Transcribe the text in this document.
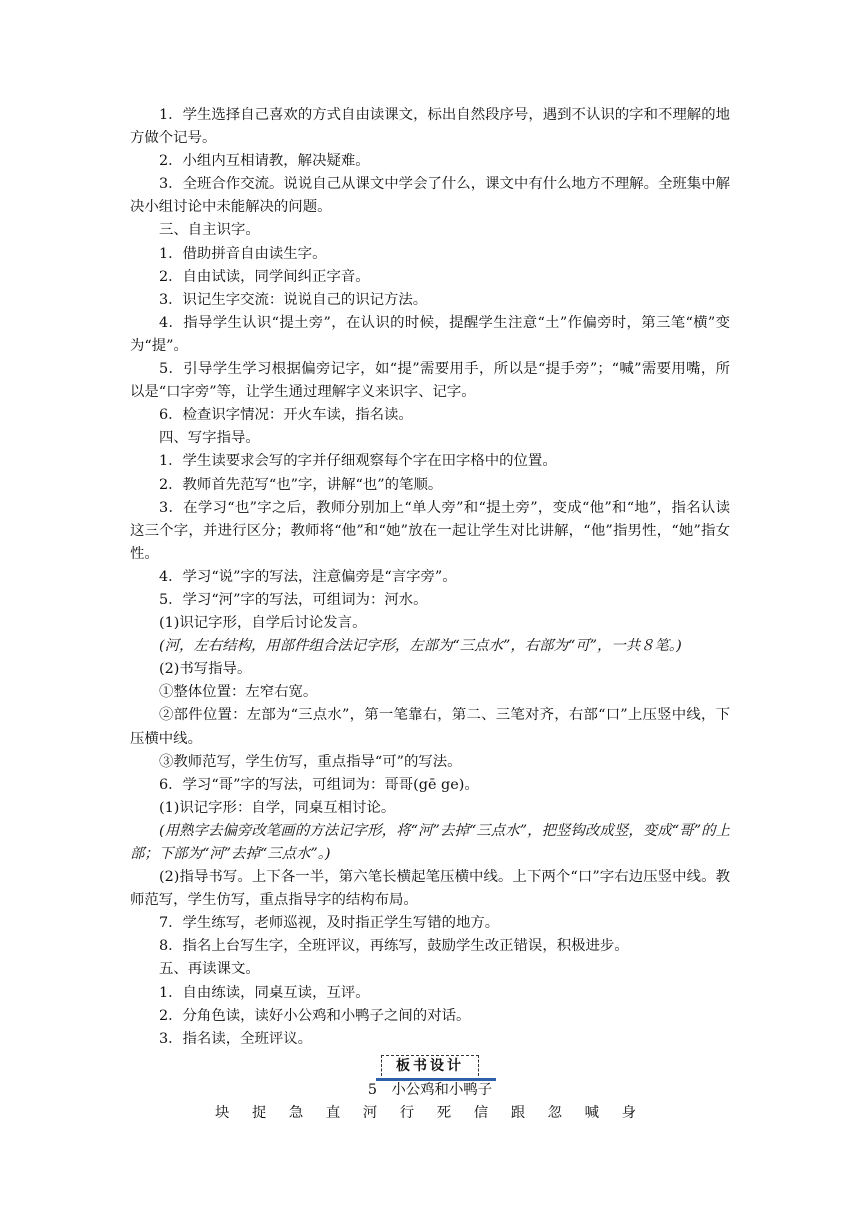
1．学生选择自己喜欢的方式自由读课文，标出自然段序号，遇到不认识的字和不理解的地方做个记号。

2．小组内互相请教，解决疑难。

3．全班合作交流。说说自己从课文中学会了什么，课文中有什么地方不理解。全班集中解决小组讨论中未能解决的问题。

三、自主识字。

1．借助拼音自由读生字。

2．自由试读，同学间纠正字音。

3．识记生字交流：说说自己的识记方法。

4．指导学生认识“提土旁”，在认识的时候，提醒学生注意“土”作偏旁时，第三笔“横”变为“提”。

5．引导学生学习根据偏旁记字，如“提”需要用手，所以是“提手旁”；“喊”需要用嘴，所以是“口字旁”等，让学生通过理解字义来识字、记字。

6．检查识字情况：开火车读，指名读。

四、写字指导。

1．学生读要求会写的字并仔细观察每个字在田字格中的位置。

2．教师首先范写“也”字，讲解“也”的笔顺。

3．在学习“也”字之后，教师分别加上“单人旁”和“提土旁”，变成“他”和“地”，指名认读这三个字，并进行区分；教师将“他”和“她”放在一起让学生对比讲解，“他”指男性，“她”指女性。

4．学习“说”字的写法，注意偏旁是“言字旁”。

5．学习“河”字的写法，可组词为：河水。

(1)识记字形，自学后讨论发言。

(河，左右结构，用部件组合法记字形，左部为“三点水”，右部为“可”，一共８笔。)

(2)书写指导。

①整体位置：左窄右宽。

②部件位置：左部为“三点水”，第一笔靠右，第二、三笔对齐，右部“口”上压竖中线，下压横中线。

③教师范写，学生仿写，重点指导“可”的写法。

6．学习“哥”字的写法，可组词为：哥哥(gē ge)。

(1)识记字形：自学，同桌互相讨论。

(用熟字去偏旁改笔画的方法记字形，将“河”去掉“三点水”，把竖钩改成竖，变成“哥”的上部；下部为“河”去掉“三点水”。)

(2)指导书写。上下各一半，第六笔长横起笔压横中线。上下两个“口”字右边压竖中线。教师范写，学生仿写，重点指导字的结构布局。

7．学生练写，老师巡视，及时指正学生写错的地方。

8．指名上台写生字，全班评议，再练写，鼓励学生改正错误，积极进步。

五、再读课文。

1．自由练读，同桌互读，互评。

2．分角色读，读好小公鸡和小鸭子之间的对话。

3．指名读，全班评议。

板书设计

5　小公鸡和小鸭子

块 捉 急 直 河 行 死 信 跟 忽 喊 身
